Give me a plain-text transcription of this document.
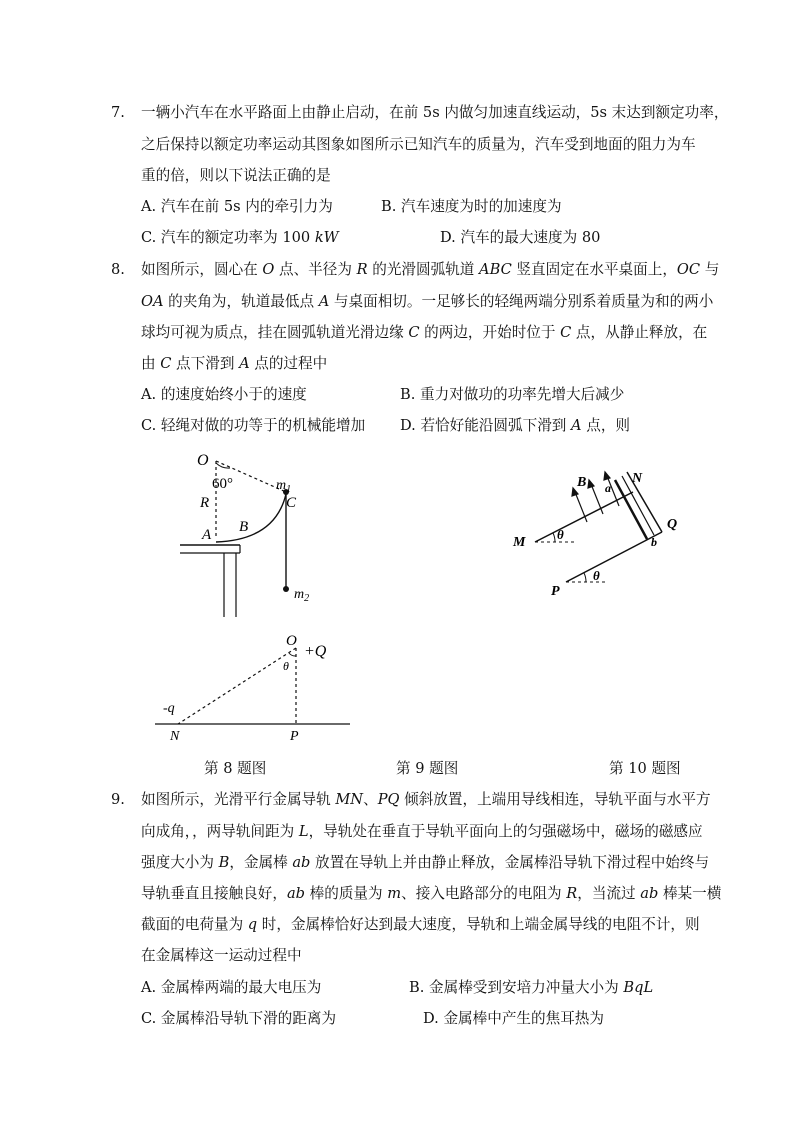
7. 一辆小汽车在水平路面上由静止启动，在前 5s 内做匀加速直线运动，5s 末达到额定功率，
之后保持以额定功率运动其图象如图所示已知汽车的质量为，汽车受到地面的阻力为车
重的倍，则以下说法正确的是
A. 汽车在前 5s 内的牵引力为	B. 汽车速度为时的加速度为
C. 汽车的额定功率为 100 kW	D. 汽车的最大速度为 80
8. 如图所示，圆心在 O 点、半径为 R 的光滑圆弧轨道 ABC 竖直固定在水平桌面上，OC 与
OA 的夹角为，轨道最低点 A 与桌面相切。一足够长的轻绳两端分别系着质量为和的两小
球均可视为质点，挂在圆弧轨道光滑边缘 C 的两边，开始时位于 C 点，从静止释放，在
由 C 点下滑到 A 点的过程中
A. 的速度始终小于的速度	B. 重力对做功的功率先增大后减少
C. 轻绳对做的功等于的机械能增加 D. 若恰好能沿圆弧下滑到 A 点，则
O
60°
R
$m_1$
C
A B
$m_2$
B	N
a
Q
M
θ	b
P
θ
O
+Q
θ
-q
N	P
第 8 题图	第 9 题图	第 10 题图
9. 如图所示，光滑平行金属导轨 MN、PQ 倾斜放置，上端用导线相连，导轨平面与水平方
向成角，，两导轨间距为 L，导轨处在垂直于导轨平面向上的匀强磁场中，磁场的磁感应
强度大小为 B，金属棒 ab 放置在导轨上并由静止释放，金属棒沿导轨下滑过程中始终与
导轨垂直且接触良好，ab 棒的质量为 m、接入电路部分的电阻为 R，当流过 ab 棒某一横
截面的电荷量为 q 时，金属棒恰好达到最大速度，导轨和上端金属导线的电阻不计，则
在金属棒这一运动过程中
A. 金属棒两端的最大电压为	B. 金属棒受到安培力冲量大小为 BqL
C. 金属棒沿导轨下滑的距离为	D. 金属棒中产生的焦耳热为
